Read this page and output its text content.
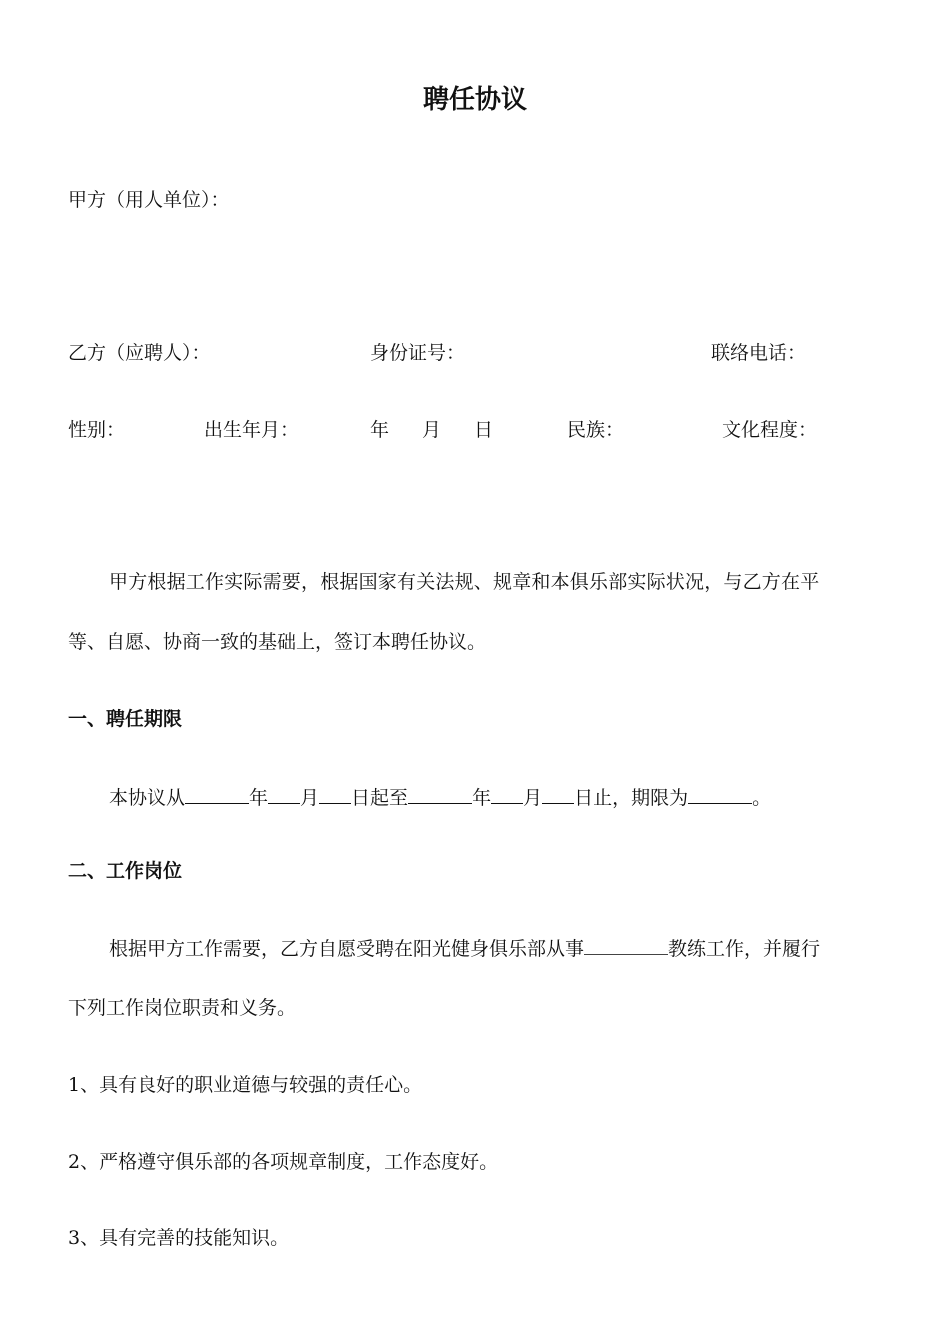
聘任协议
甲方（用人单位）：
乙方（应聘人）：	身份证号：	联络电话：
性别：	出生年月：	年 月 日	民族：	文化程度：
甲方根据工作实际需要，根据国家有关法规、规章和本俱乐部实际状况，与乙方在平
等、自愿、协商一致的基础上，签订本聘任协议。
一、聘任期限
本协议从	年 月 日起至	年 月 日止，期限为	。
二、工作岗位
根据甲方工作需要，乙方自愿受聘在阳光健身俱乐部从事	教练工作，并履行
下列工作岗位职责和义务。
1、具有良好的职业道德与较强的责任心。
2、严格遵守俱乐部的各项规章制度，工作态度好。
3、具有完善的技能知识。
